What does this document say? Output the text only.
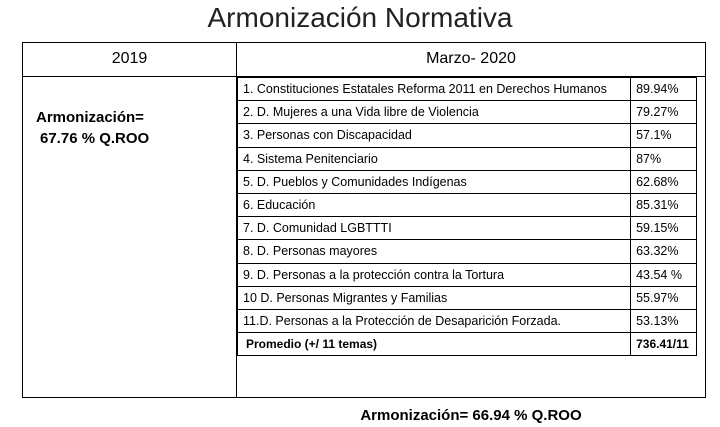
Armonización Normativa
2019	Marzo- 2020
Armonización=
67.76 % Q.ROO
Armonización= 66.94 % Q.ROO
1. Constituciones Estatales Reforma 2011 en Derechos Humanos	89.94%
2. D. Mujeres a una Vida libre de Violencia	79.27%
3. Personas con Discapacidad	57.1%
4. Sistema Penitenciario	87%
5. D. Pueblos y Comunidades Indígenas	62.68%
6. Educación	85.31%
7. D. Comunidad LGBTTTI	59.15%
8. D. Personas mayores	63.32%
9. D. Personas a la protección contra la Tortura	43.54 %
10 D. Personas Migrantes y Familias	55.97%
11.D. Personas a la Protección de Desaparición Forzada.	53.13%
Promedio (+/ 11 temas)	736.41/11
